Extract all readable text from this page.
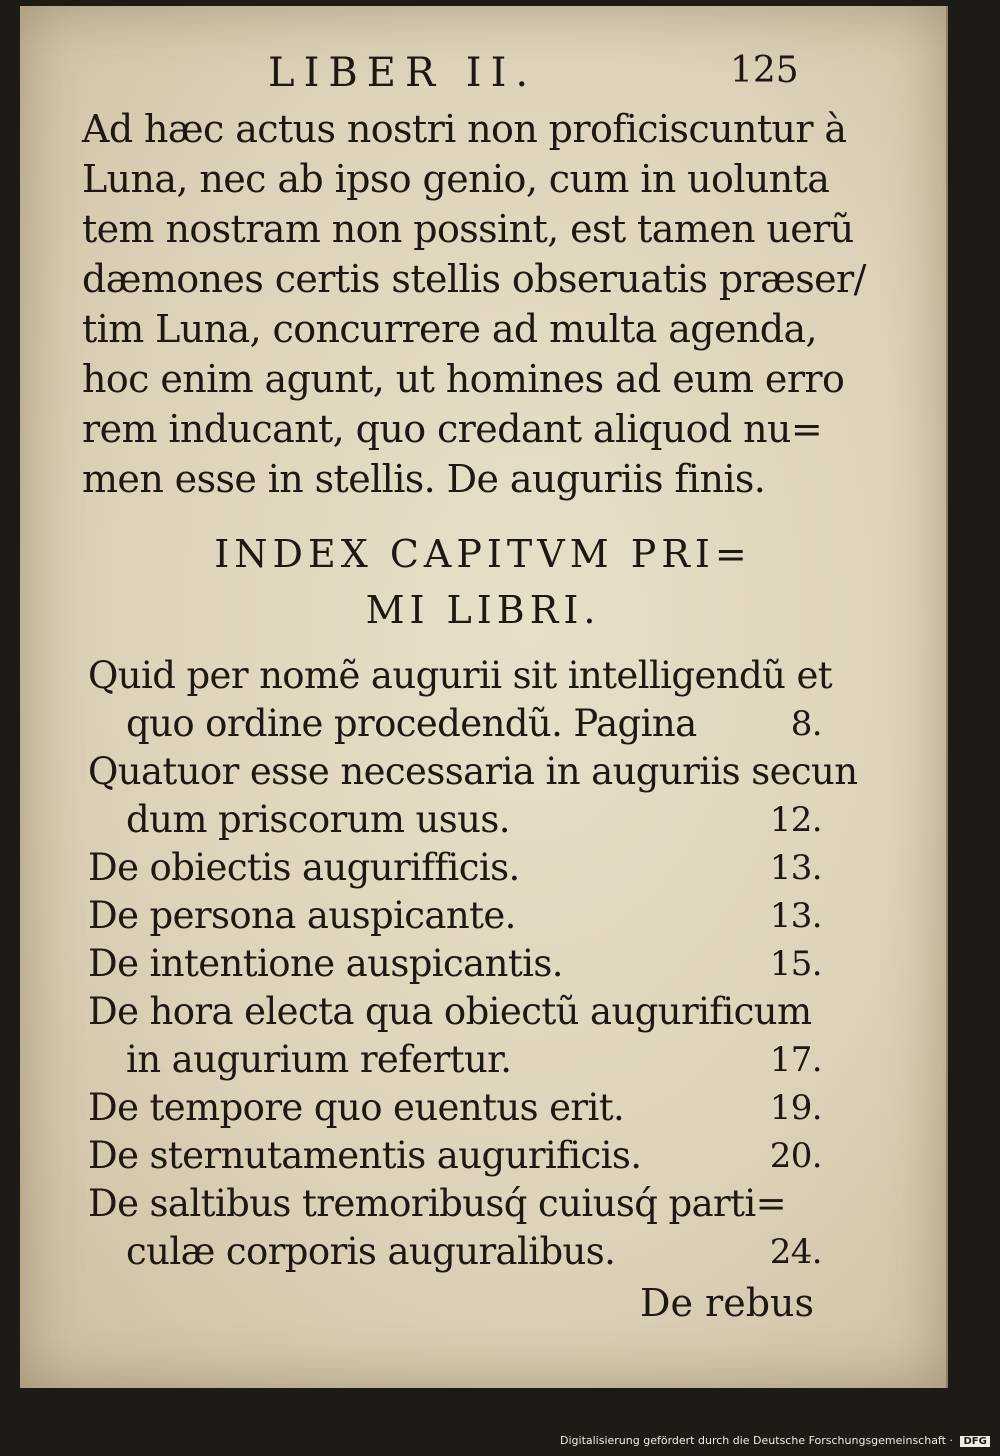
LIBER II.	125
Ad hæc actus nostri non proficiscuntur à
Luna, nec ab ipso genio, cum in uolunta
tem nostram non possint, est tamen uerũ
dæmones certis stellis obseruatis præser/
tim Luna, concurrere ad multa agenda,
hoc enim agunt, ut homines ad eum erro
rem inducant, quo credant aliquod nu=
men esse in stellis. De auguriis finis.
INDEX CAPITVM PRI=
MI LIBRI.
Quid per nomẽ augurii sit intelligendũ et
quo ordine procedendũ. Pagina	8.
Quatuor esse necessaria in auguriis secun
dum priscorum usus.	12.
De obiectis augurifficis.	13.
De persona auspicante.	13.
De intentione auspicantis.	15.
De hora electa qua obiectũ augurificum
in augurium refertur.	17.
De tempore quo euentus erit.	19.
De sternutamentis augurificis.	20.
De saltibus tremoribusq́ cuiusq́ parti=
culæ corporis auguralibus.	24.
De rebus
Digitalisierung gefördert durch die Deutsche Forschungsgemeinschaft · DFG
